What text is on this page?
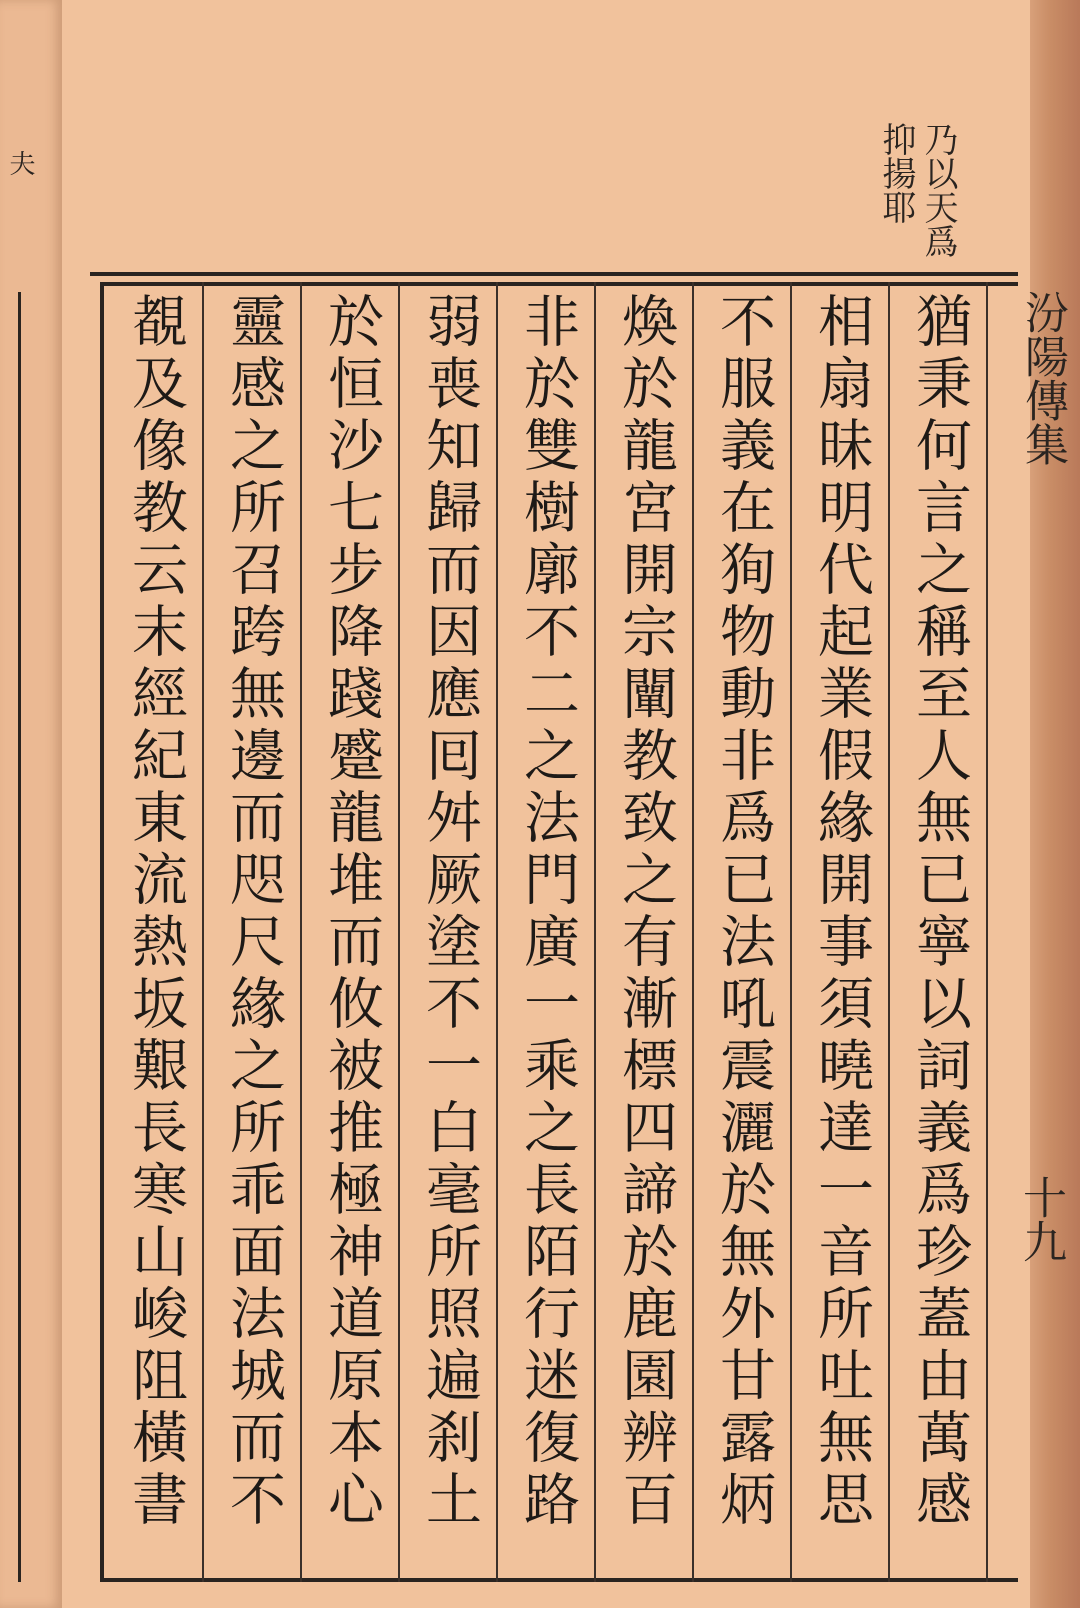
夫	乃以天爲
抑揚耶
猶秉何言之稱至人無已寧以詞義爲珍蓋由萬感
相扇昧明代起業假緣開事須曉達一音所吐無思
不服義在狥物動非爲已法吼震灑於無外甘露炳
煥於龍宮開宗闡教致之有漸標四諦於鹿園辨百
非於雙樹廓不二之法門廣一乘之長陌行迷復路
弱喪知歸而因應囘舛厥塗不一白毫所照遍刹土
於恒沙七步降踐蹙龍堆而攸被推極神道原本心
靈感之所召跨無邊而咫尺緣之所乖面法城而不
覩及像教云末經紀東流熱坂艱長寒山峻阻橫書	汾陽傳集
十九
